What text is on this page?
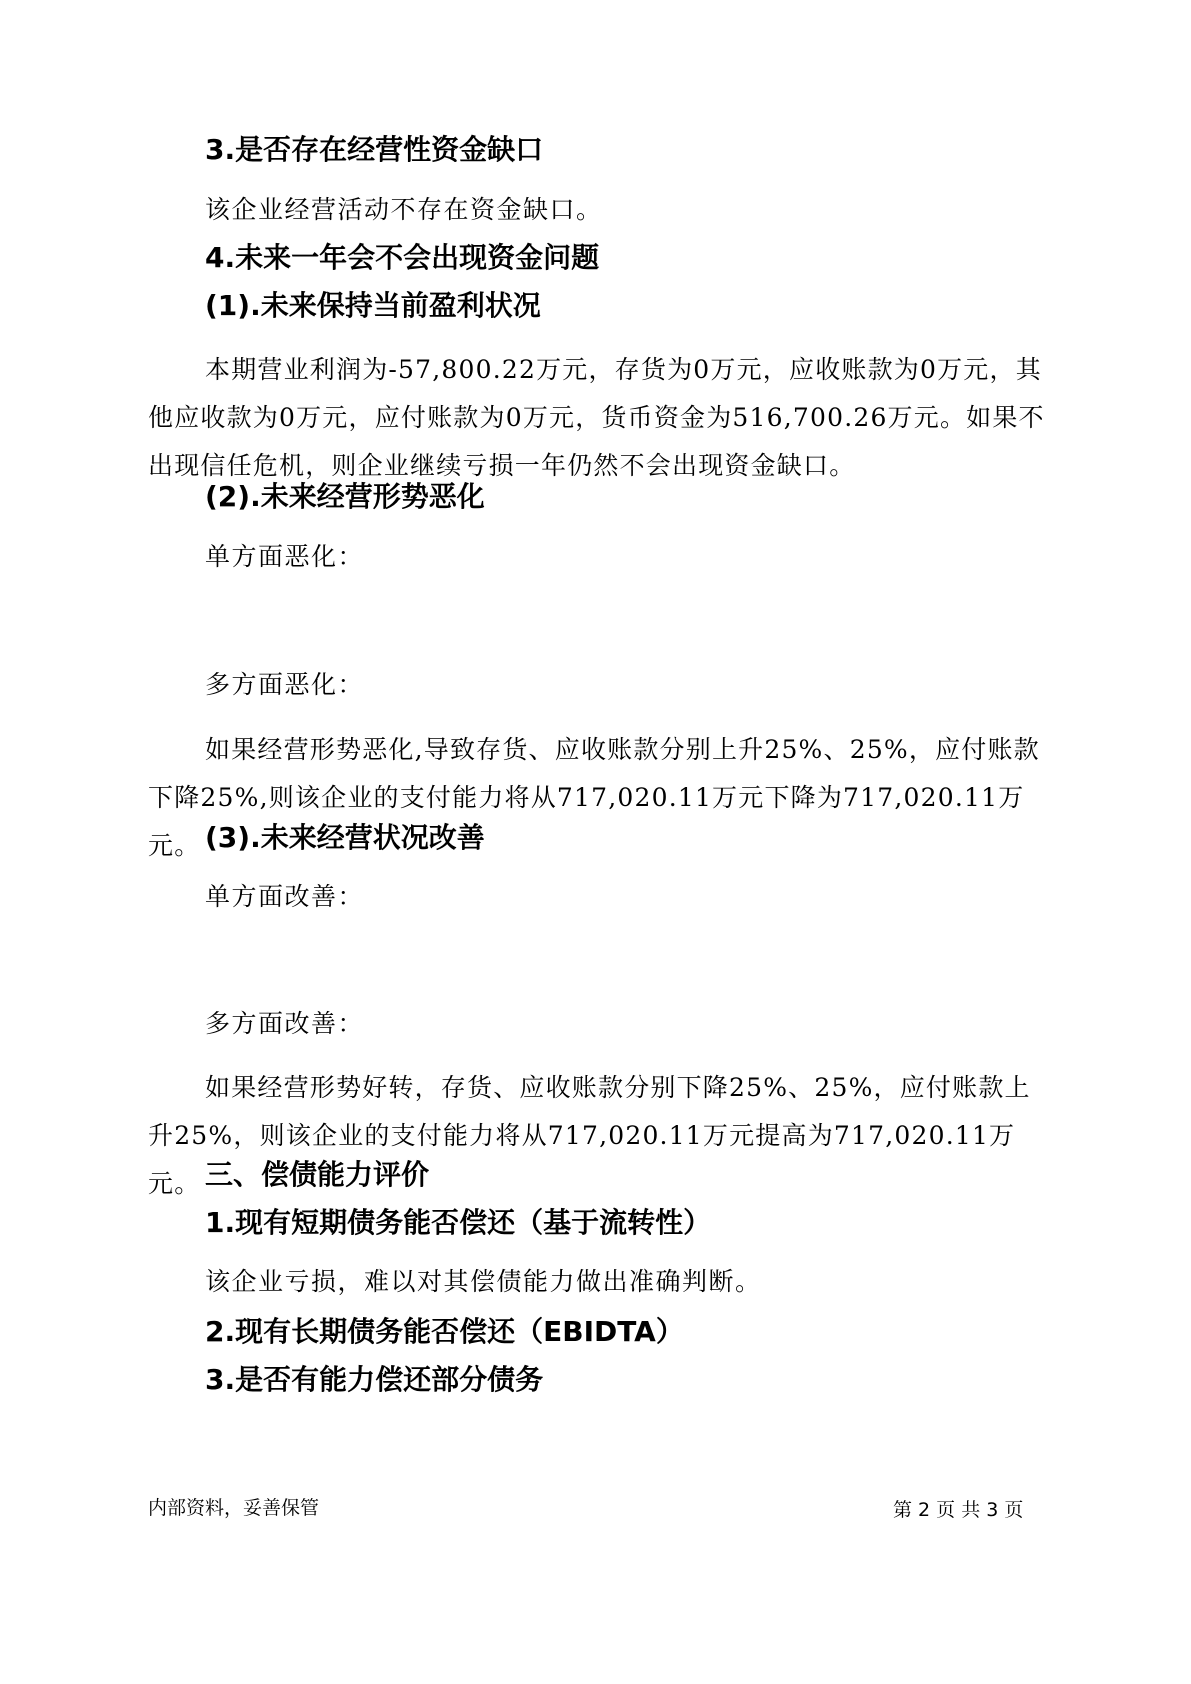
3.是否存在经营性资金缺口

该企业经营活动不存在资金缺口。

4.未来一年会不会出现资金问题
(1).未来保持当前盈利状况

本期营业利润为-57,800.22万元，存货为0万元，应收账款为0万元，其他应收款为0万元，应付账款为0万元，货币资金为516,700.26万元。如果不出现信任危机，则企业继续亏损一年仍然不会出现资金缺口。

(2).未来经营形势恶化

单方面恶化：

多方面恶化：

如果经营形势恶化,导致存货、应收账款分别上升25%、25%，应付账款下降25%,则该企业的支付能力将从717,020.11万元下降为717,020.11万元。 (3).未来经营状况改善

单方面改善：

多方面改善：

如果经营形势好转，存货、应收账款分别下降25%、25%，应付账款上升25%，则该企业的支付能力将从717,020.11万元提高为717,020.11万元。 三、偿债能力评价
1.现有短期债务能否偿还（基于流转性）

该企业亏损，难以对其偿债能力做出准确判断。

2.现有长期债务能否偿还（EBIDTA）
3.是否有能力偿还部分债务
内部资料，妥善保管	第 2 页 共 3 页
